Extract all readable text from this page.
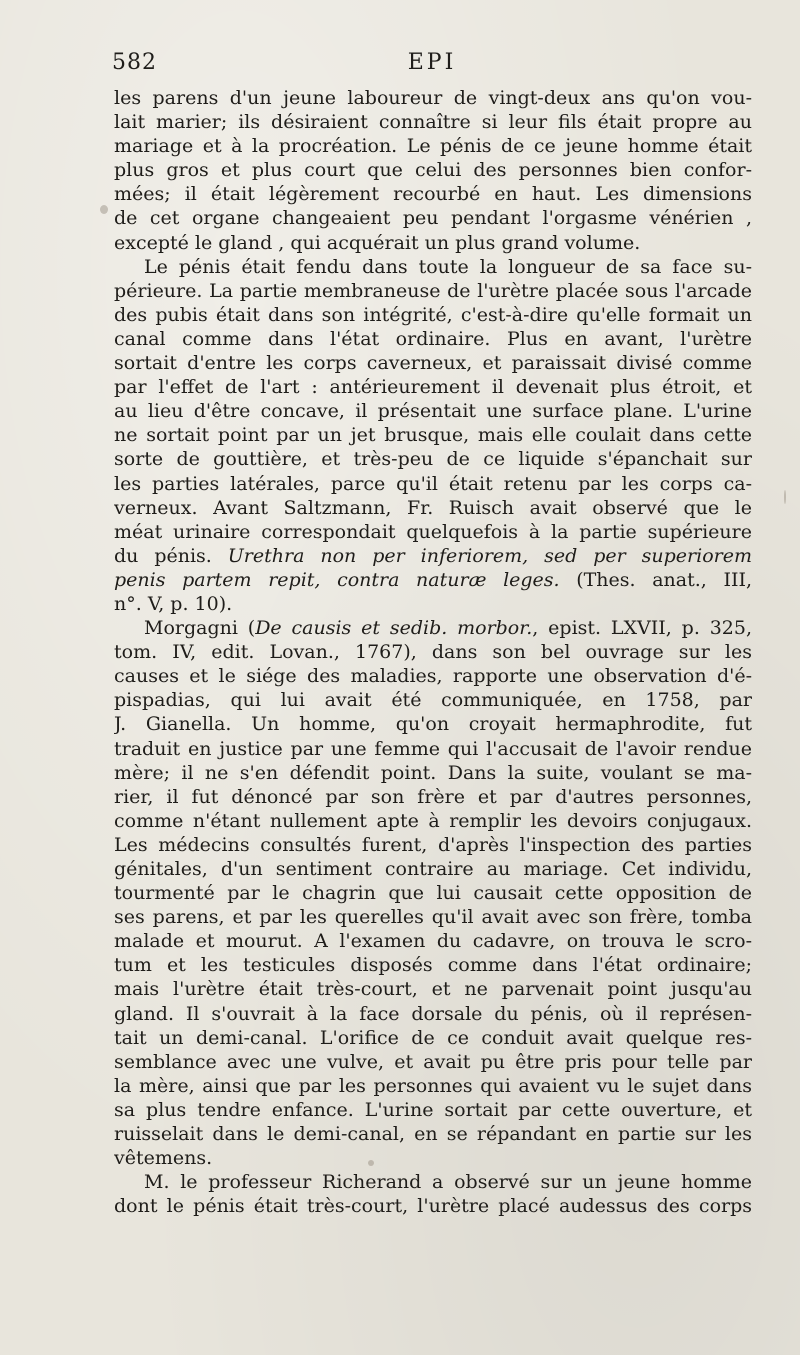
582	EPI
les parens d'un jeune laboureur de vingt-deux ans qu'on vou-
lait marier; ils désiraient connaître si leur fils était propre au
mariage et à la procréation. Le pénis de ce jeune homme était
plus gros et plus court que celui des personnes bien confor-
mées; il était légèrement recourbé en haut. Les dimensions
de cet organe changeaient peu pendant l'orgasme vénérien ,
excepté le gland , qui acquérait un plus grand volume.
Le pénis était fendu dans toute la longueur de sa face su-
périeure. La partie membraneuse de l'urètre placée sous l'arcade
des pubis était dans son intégrité, c'est-à-dire qu'elle formait un
canal comme dans l'état ordinaire. Plus en avant, l'urètre
sortait d'entre les corps caverneux, et paraissait divisé comme
par l'effet de l'art : antérieurement il devenait plus étroit, et
au lieu d'être concave, il présentait une surface plane. L'urine
ne sortait point par un jet brusque, mais elle coulait dans cette
sorte de gouttière, et très-peu de ce liquide s'épanchait sur
les parties latérales, parce qu'il était retenu par les corps ca-
verneux. Avant Saltzmann, Fr. Ruisch avait observé que le
méat urinaire correspondait quelquefois à la partie supérieure
du pénis. Urethra non per inferiorem, sed per superiorem
penis partem repit, contra naturæ leges. (Thes. anat., III,
n°. V, p. 10).
Morgagni (De causis et sedib. morbor., epist. LXVII, p. 325,
tom. IV, edit. Lovan., 1767), dans son bel ouvrage sur les
causes et le siége des maladies, rapporte une observation d'é-
pispadias, qui lui avait été communiquée, en 1758, par
J. Gianella. Un homme, qu'on croyait hermaphrodite, fut
traduit en justice par une femme qui l'accusait de l'avoir rendue
mère; il ne s'en défendit point. Dans la suite, voulant se ma-
rier, il fut dénoncé par son frère et par d'autres personnes,
comme n'étant nullement apte à remplir les devoirs conjugaux.
Les médecins consultés furent, d'après l'inspection des parties
génitales, d'un sentiment contraire au mariage. Cet individu,
tourmenté par le chagrin que lui causait cette opposition de
ses parens, et par les querelles qu'il avait avec son frère, tomba
malade et mourut. A l'examen du cadavre, on trouva le scro-
tum et les testicules disposés comme dans l'état ordinaire;
mais l'urètre était très-court, et ne parvenait point jusqu'au
gland. Il s'ouvrait à la face dorsale du pénis, où il représen-
tait un demi-canal. L'orifice de ce conduit avait quelque res-
semblance avec une vulve, et avait pu être pris pour telle par
la mère, ainsi que par les personnes qui avaient vu le sujet dans
sa plus tendre enfance. L'urine sortait par cette ouverture, et
ruisselait dans le demi-canal, en se répandant en partie sur les
vêtemens.
M. le professeur Richerand a observé sur un jeune homme
dont le pénis était très-court, l'urètre placé audessus des corps
